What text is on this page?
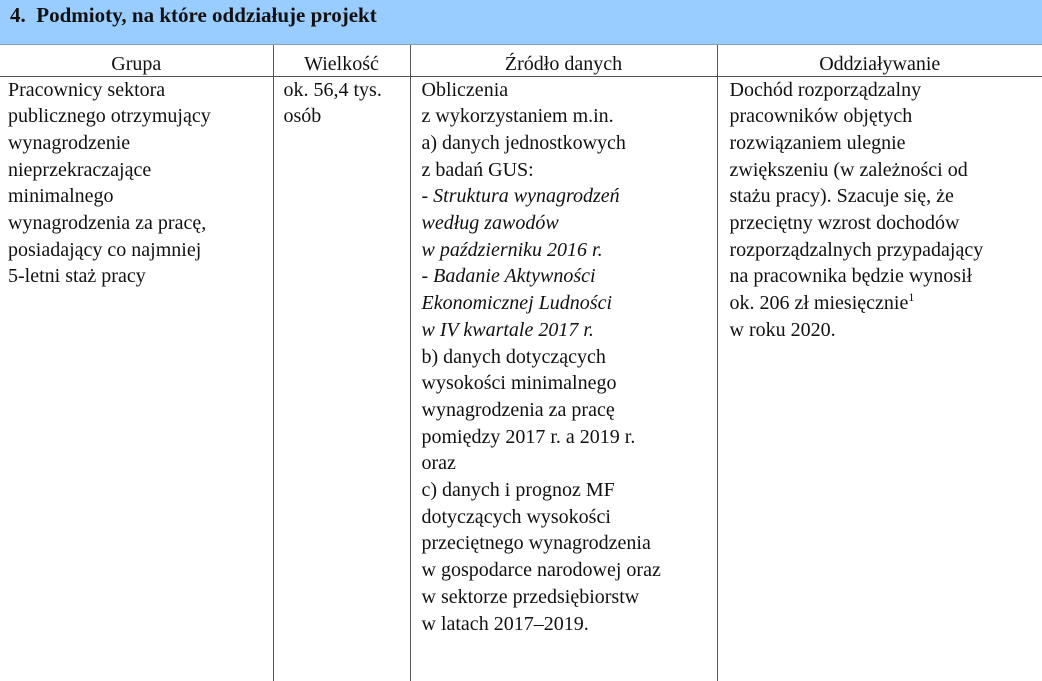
4. Podmioty, na które oddziałuje projekt
Grupa	Wielkość	Źródło danych	Oddziaływanie

Pracownicy sektora
publicznego otrzymujący
wynagrodzenie
nieprzekraczające
minimalnego
wynagrodzenia za pracę,
posiadający co najmniej
5-letni staż pracy

ok. 56,4 tys.
osób

Obliczenia
z wykorzystaniem m.in.
a) danych jednostkowych
z badań GUS:
- Struktura wynagrodzeń
według zawodów
w październiku 2016 r.
- Badanie Aktywności
Ekonomicznej Ludności
w IV kwartale 2017 r.
b) danych dotyczących
wysokości minimalnego
wynagrodzenia za pracę
pomiędzy 2017 r. a 2019 r.
oraz
c) danych i prognoz MF
dotyczących wysokości
przeciętnego wynagrodzenia
w gospodarce narodowej oraz
w sektorze przedsiębiorstw
w latach 2017–2019.

Dochód rozporządzalny
pracowników objętych
rozwiązaniem ulegnie
zwiększeniu (w zależności od
stażu pracy). Szacuje się, że
przeciętny wzrost dochodów
rozporządzalnych przypadający
na pracownika będzie wynosił
ok. 206 zł miesięcznie$^1$
w roku 2020.
